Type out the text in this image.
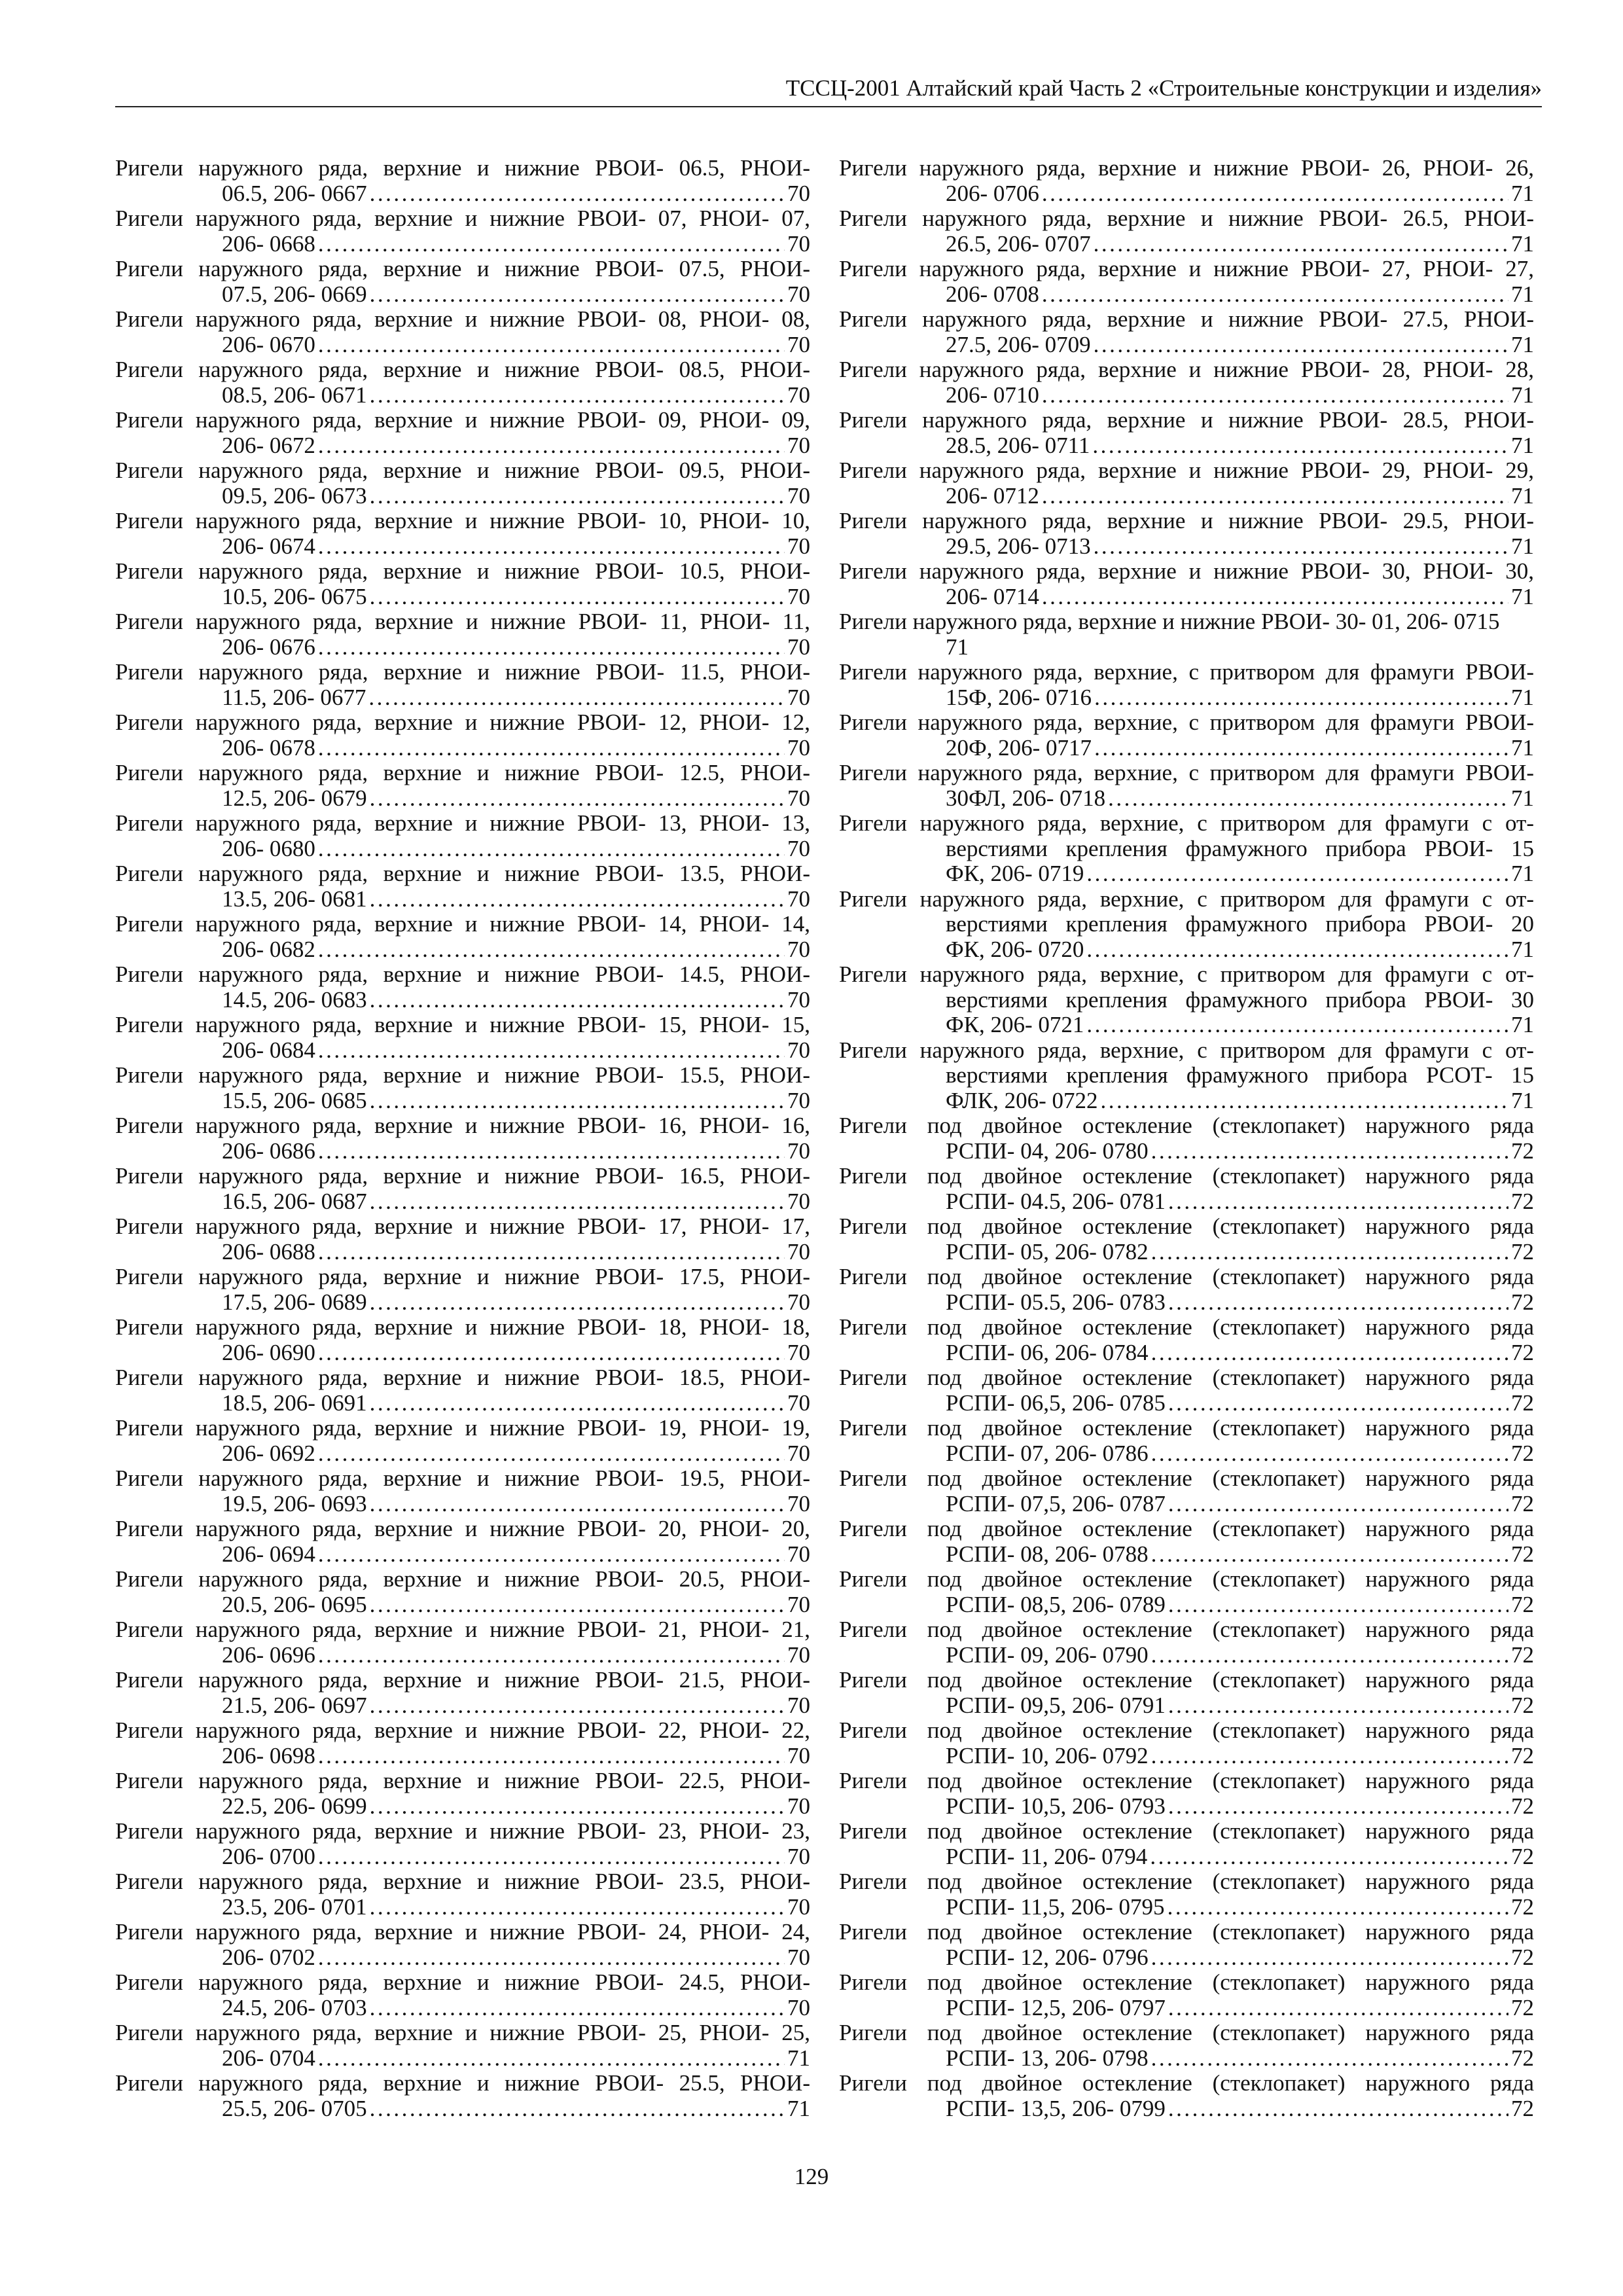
ТССЦ-2001 Алтайский край Часть 2 «Строительные конструкции и изделия»
Ригели наружного ряда, верхние и нижние РВОИ- 06.5, РНОИ-
06.5, 206- 0667 .....	70
Ригели наружного ряда, верхние и нижние РВОИ- 07, РНОИ- 07,
206- 0668 .....	70
Ригели наружного ряда, верхние и нижние РВОИ- 07.5, РНОИ-
07.5, 206- 0669 .....	70
Ригели наружного ряда, верхние и нижние РВОИ- 08, РНОИ- 08,
206- 0670 .....	70
Ригели наружного ряда, верхние и нижние РВОИ- 08.5, РНОИ-
08.5, 206- 0671 .....	70
Ригели наружного ряда, верхние и нижние РВОИ- 09, РНОИ- 09,
206- 0672 .....	70
Ригели наружного ряда, верхние и нижние РВОИ- 09.5, РНОИ-
09.5, 206- 0673 .....	70
Ригели наружного ряда, верхние и нижние РВОИ- 10, РНОИ- 10,
206- 0674 .....	70
Ригели наружного ряда, верхние и нижние РВОИ- 10.5, РНОИ-
10.5, 206- 0675 .....	70
Ригели наружного ряда, верхние и нижние РВОИ- 11, РНОИ- 11,
206- 0676 .....	70
Ригели наружного ряда, верхние и нижние РВОИ- 11.5, РНОИ-
11.5, 206- 0677 .....	70
Ригели наружного ряда, верхние и нижние РВОИ- 12, РНОИ- 12,
206- 0678 .....	70
Ригели наружного ряда, верхние и нижние РВОИ- 12.5, РНОИ-
12.5, 206- 0679 .....	70
Ригели наружного ряда, верхние и нижние РВОИ- 13, РНОИ- 13,
206- 0680 .....	70
Ригели наружного ряда, верхние и нижние РВОИ- 13.5, РНОИ-
13.5, 206- 0681 .....	70
Ригели наружного ряда, верхние и нижние РВОИ- 14, РНОИ- 14,
206- 0682 .....	70
Ригели наружного ряда, верхние и нижние РВОИ- 14.5, РНОИ-
14.5, 206- 0683 .....	70
Ригели наружного ряда, верхние и нижние РВОИ- 15, РНОИ- 15,
206- 0684 .....	70
Ригели наружного ряда, верхние и нижние РВОИ- 15.5, РНОИ-
15.5, 206- 0685 .....	70
Ригели наружного ряда, верхние и нижние РВОИ- 16, РНОИ- 16,
206- 0686 .....	70
Ригели наружного ряда, верхние и нижние РВОИ- 16.5, РНОИ-
16.5, 206- 0687 .....	70
Ригели наружного ряда, верхние и нижние РВОИ- 17, РНОИ- 17,
206- 0688 .....	70
Ригели наружного ряда, верхние и нижние РВОИ- 17.5, РНОИ-
17.5, 206- 0689 .....	70
Ригели наружного ряда, верхние и нижние РВОИ- 18, РНОИ- 18,
206- 0690 .....	70
Ригели наружного ряда, верхние и нижние РВОИ- 18.5, РНОИ-
18.5, 206- 0691 .....	70
Ригели наружного ряда, верхние и нижние РВОИ- 19, РНОИ- 19,
206- 0692 .....	70
Ригели наружного ряда, верхние и нижние РВОИ- 19.5, РНОИ-
19.5, 206- 0693 .....	70
Ригели наружного ряда, верхние и нижние РВОИ- 20, РНОИ- 20,
206- 0694 .....	70
Ригели наружного ряда, верхние и нижние РВОИ- 20.5, РНОИ-
20.5, 206- 0695 .....	70
Ригели наружного ряда, верхние и нижние РВОИ- 21, РНОИ- 21,
206- 0696 .....	70
Ригели наружного ряда, верхние и нижние РВОИ- 21.5, РНОИ-
21.5, 206- 0697 .....	70
Ригели наружного ряда, верхние и нижние РВОИ- 22, РНОИ- 22,
206- 0698 .....	70
Ригели наружного ряда, верхние и нижние РВОИ- 22.5, РНОИ-
22.5, 206- 0699 .....	70
Ригели наружного ряда, верхние и нижние РВОИ- 23, РНОИ- 23,
206- 0700 .....	70
Ригели наружного ряда, верхние и нижние РВОИ- 23.5, РНОИ-
23.5, 206- 0701 .....	70
Ригели наружного ряда, верхние и нижние РВОИ- 24, РНОИ- 24,
206- 0702 .....	70
Ригели наружного ряда, верхние и нижние РВОИ- 24.5, РНОИ-
24.5, 206- 0703 .....	70
Ригели наружного ряда, верхние и нижние РВОИ- 25, РНОИ- 25,
206- 0704 .....	71
Ригели наружного ряда, верхние и нижние РВОИ- 25.5, РНОИ-
25.5, 206- 0705 .....	71
Ригели наружного ряда, верхние и нижние РВОИ- 26, РНОИ- 26,
206- 0706 .....	71
Ригели наружного ряда, верхние и нижние РВОИ- 26.5, РНОИ-
26.5, 206- 0707 .....	71
Ригели наружного ряда, верхние и нижние РВОИ- 27, РНОИ- 27,
206- 0708 .....	71
Ригели наружного ряда, верхние и нижние РВОИ- 27.5, РНОИ-
27.5, 206- 0709 .....	71
Ригели наружного ряда, верхние и нижние РВОИ- 28, РНОИ- 28,
206- 0710 .....	71
Ригели наружного ряда, верхние и нижние РВОИ- 28.5, РНОИ-
28.5, 206- 0711 .....	71
Ригели наружного ряда, верхние и нижние РВОИ- 29, РНОИ- 29,
206- 0712 .....	71
Ригели наружного ряда, верхние и нижние РВОИ- 29.5, РНОИ-
29.5, 206- 0713 .....	71
Ригели наружного ряда, верхние и нижние РВОИ- 30, РНОИ- 30,
206- 0714 .....	71
Ригели наружного ряда, верхние и нижние РВОИ- 30- 01, 206- 0715
71
Ригели наружного ряда, верхние, с притвором для фрамуги РВОИ-
15Ф, 206- 0716 .....	71
Ригели наружного ряда, верхние, с притвором для фрамуги РВОИ-
20Ф, 206- 0717 .....	71
Ригели наружного ряда, верхние, с притвором для фрамуги РВОИ-
30ФЛ, 206- 0718 .....	71
Ригели наружного ряда, верхние, с притвором для фрамуги с от-
верстиями крепления фрамужного прибора РВОИ- 15
ФК, 206- 0719 .....	71
Ригели наружного ряда, верхние, с притвором для фрамуги с от-
верстиями крепления фрамужного прибора РВОИ- 20
ФК, 206- 0720 .....	71
Ригели наружного ряда, верхние, с притвором для фрамуги с от-
верстиями крепления фрамужного прибора РВОИ- 30
ФК, 206- 0721 .....	71
Ригели наружного ряда, верхние, с притвором для фрамуги с от-
верстиями крепления фрамужного прибора РСОТ- 15
ФЛК, 206- 0722 .....	71
Ригели под двойное остекление (стеклопакет) наружного ряда
РСПИ- 04, 206- 0780 .....	72
Ригели под двойное остекление (стеклопакет) наружного ряда
РСПИ- 04.5, 206- 0781 .....	72
Ригели под двойное остекление (стеклопакет) наружного ряда
РСПИ- 05, 206- 0782 .....	72
Ригели под двойное остекление (стеклопакет) наружного ряда
РСПИ- 05.5, 206- 0783 .....	72
Ригели под двойное остекление (стеклопакет) наружного ряда
РСПИ- 06, 206- 0784 .....	72
Ригели под двойное остекление (стеклопакет) наружного ряда
РСПИ- 06,5, 206- 0785 .....	72
Ригели под двойное остекление (стеклопакет) наружного ряда
РСПИ- 07, 206- 0786 .....	72
Ригели под двойное остекление (стеклопакет) наружного ряда
РСПИ- 07,5, 206- 0787 .....	72
Ригели под двойное остекление (стеклопакет) наружного ряда
РСПИ- 08, 206- 0788 .....	72
Ригели под двойное остекление (стеклопакет) наружного ряда
РСПИ- 08,5, 206- 0789 .....	72
Ригели под двойное остекление (стеклопакет) наружного ряда
РСПИ- 09, 206- 0790 .....	72
Ригели под двойное остекление (стеклопакет) наружного ряда
РСПИ- 09,5, 206- 0791 .....	72
Ригели под двойное остекление (стеклопакет) наружного ряда
РСПИ- 10, 206- 0792 .....	72
Ригели под двойное остекление (стеклопакет) наружного ряда
РСПИ- 10,5, 206- 0793 .....	72
Ригели под двойное остекление (стеклопакет) наружного ряда
РСПИ- 11, 206- 0794 .....	72
Ригели под двойное остекление (стеклопакет) наружного ряда
РСПИ- 11,5, 206- 0795 .....	72
Ригели под двойное остекление (стеклопакет) наружного ряда
РСПИ- 12, 206- 0796 .....	72
Ригели под двойное остекление (стеклопакет) наружного ряда
РСПИ- 12,5, 206- 0797 .....	72
Ригели под двойное остекление (стеклопакет) наружного ряда
РСПИ- 13, 206- 0798 .....	72
Ригели под двойное остекление (стеклопакет) наружного ряда
РСПИ- 13,5, 206- 0799 .....	72
129
